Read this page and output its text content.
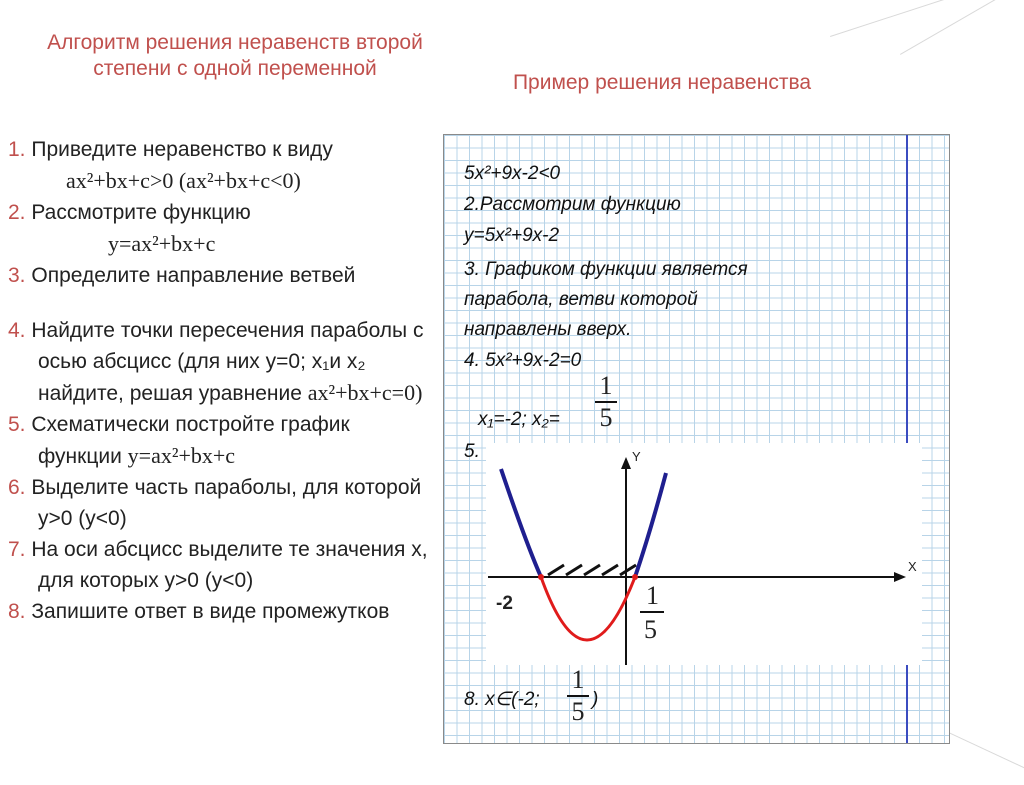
Алгоритм решения неравенств второй степени с одной переменной
Пример решения неравенства

1. Приведите неравенство к виду
ax²+bx+c>0 (ax²+bx+c<0)

2. Рассмотрите функцию
y=ax²+bx+c

3. Определите направление ветвей

4. Найдите точки пересечения параболы с осью абсцисс (для них y=0; x₁и x₂ найдите, решая уравнение ax²+bx+c=0)

5. Схематически постройте график функции y=ax²+bx+c

6. Выделите часть параболы, для которой y>0 (y<0)

7. На оси абсцисс выделите те значения x, для которых y>0 (y<0)

8. Запишите ответ в виде промежутков

5x²+9x-2<0
2.Рассмотрим функцию
y=5x²+9x-2
3. Графиком функции является
парабола, ветви которой
направлены вверх.
4. 5x²+9x-2=0
$\frac{1}{5}$
x₁=-2; x₂=
5.	Y
X
-2	1
5
8. x∈(-2; $\frac{1}{5}$ )
